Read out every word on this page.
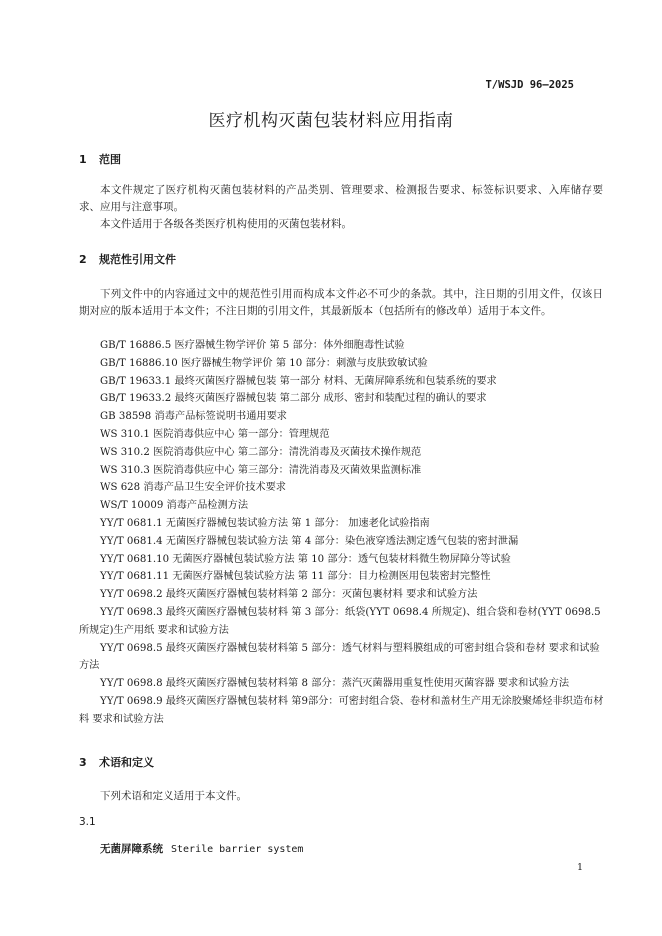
T/WSJD 96—2025
医疗机构灭菌包装材料应用指南
1 范围

本文件规定了医疗机构灭菌包装材料的产品类别、管理要求、检测报告要求、标签标识要求、入库储存要求、应用与注意事项。

本文件适用于各级各类医疗机构使用的灭菌包装材料。

2 规范性引用文件

下列文件中的内容通过文中的规范性引用而构成本文件必不可少的条款。其中，注日期的引用文件，仅该日期对应的版本适用于本文件；不注日期的引用文件，其最新版本（包括所有的修改单）适用于本文件。

GB/T 16886.5 医疗器械生物学评价 第 5 部分：体外细胞毒性试验
GB/T 16886.10 医疗器械生物学评价 第 10 部分：刺激与皮肤致敏试验
GB/T 19633.1 最终灭菌医疗器械包装 第一部分 材料、无菌屏障系统和包装系统的要求
GB/T 19633.2 最终灭菌医疗器械包装 第二部分 成形、密封和装配过程的确认的要求
GB 38598 消毒产品标签说明书通用要求
WS 310.1 医院消毒供应中心 第一部分：管理规范
WS 310.2 医院消毒供应中心 第二部分：清洗消毒及灭菌技术操作规范
WS 310.3 医院消毒供应中心 第三部分：清洗消毒及灭菌效果监测标准
WS 628 消毒产品卫生安全评价技术要求
WS/T 10009 消毒产品检测方法
YY/T 0681.1 无菌医疗器械包装试验方法 第 1 部分： 加速老化试验指南
YY/T 0681.4 无菌医疗器械包装试验方法 第 4 部分：染色液穿透法测定透气包装的密封泄漏
YY/T 0681.10 无菌医疗器械包装试验方法 第 10 部分：透气包装材料微生物屏障分等试验
YY/T 0681.11 无菌医疗器械包装试验方法 第 11 部分：目力检测医用包装密封完整性
YY/T 0698.2 最终灭菌医疗器械包装材料第 2 部分：灭菌包裹材料 要求和试验方法
YY/T 0698.3 最终灭菌医疗器械包装材料 第 3 部分：纸袋(YYT 0698.4 所规定)、组合袋和卷材(YYT 0698.5 所规定)生产用纸 要求和试验方法
YY/T 0698.5 最终灭菌医疗器械包装材料第 5 部分：透气材料与塑料膜组成的可密封组合袋和卷材 要求和试验方法
YY/T 0698.8 最终灭菌医疗器械包装材料第 8 部分：蒸汽灭菌器用重复性使用灭菌容器 要求和试验方法
YY/T 0698.9 最终灭菌医疗器械包装材料 第9部分：可密封组合袋、卷材和盖材生产用无涂胶聚烯烃非织造布材料 要求和试验方法
3 术语和定义

下列术语和定义适用于本文件。

3.1
无菌屏障系统 Sterile barrier system
1
